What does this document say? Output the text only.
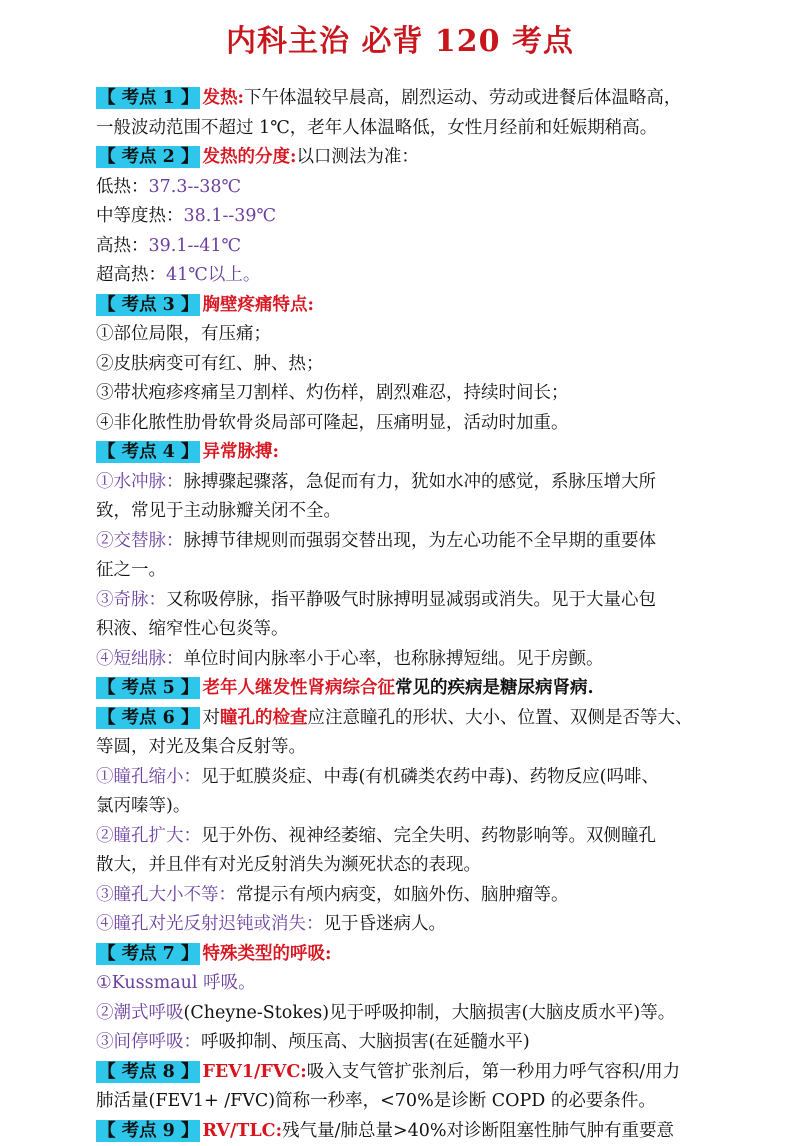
内科主治 必背 120 考点
【 考点 1 】 发热:下午体温较早晨高，剧烈运动、劳动或进餐后体温略高，
一般波动范围不超过 1℃，老年人体温略低，女性月经前和妊娠期稍高。
【 考点 2 】 发热的分度:以口测法为准：
低热：37.3--38℃
中等度热：38.1--39℃
高热：39.1--41℃
超高热：41℃以上。
【 考点 3 】 胸壁疼痛特点:
①部位局限，有压痛；
②皮肤病变可有红、肿、热；
③带状疱疹疼痛呈刀割样、灼伤样，剧烈难忍，持续时间长；
④非化脓性肋骨软骨炎局部可隆起，压痛明显，活动时加重。
【 考点 4 】 异常脉搏:
①水冲脉：脉搏骤起骤落，急促而有力，犹如水冲的感觉，系脉压增大所
致，常见于主动脉瓣关闭不全。
②交替脉：脉搏节律规则而强弱交替出现，为左心功能不全早期的重要体
征之一。
③奇脉：又称吸停脉，指平静吸气时脉搏明显减弱或消失。见于大量心包
积液、缩窄性心包炎等。
④短绌脉：单位时间内脉率小于心率，也称脉搏短绌。见于房颤。
【 考点 5 】 老年人继发性肾病综合征常见的疾病是糖尿病肾病.
【 考点 6 】 对瞳孔的检查应注意瞳孔的形状、大小、位置、双侧是否等大、
等圆，对光及集合反射等。
①瞳孔缩小：见于虹膜炎症、中毒(有机磷类农药中毒)、药物反应(吗啡、
氯丙嗪等)。
②瞳孔扩大：见于外伤、视神经萎缩、完全失明、药物影响等。双侧瞳孔
散大，并且伴有对光反射消失为濒死状态的表现。
③瞳孔大小不等：常提示有颅内病变，如脑外伤、脑肿瘤等。
④瞳孔对光反射迟钝或消失：见于昏迷病人。
【 考点 7 】 特殊类型的呼吸:
①Kussmaul 呼吸。
②潮式呼吸(Cheyne-Stokes)见于呼吸抑制，大脑损害(大脑皮质水平)等。
③间停呼吸：呼吸抑制、颅压高、大脑损害(在延髓水平)
【 考点 8 】 FEV1/FVC:吸入支气管扩张剂后，第一秒用力呼气容积/用力
肺活量(FEV1+ /FVC)简称一秒率，<70%是诊断 COPD 的必要条件。
【 考点 9 】 RV/TLC:残气量/肺总量>40%对诊断阻塞性肺气肿有重要意
